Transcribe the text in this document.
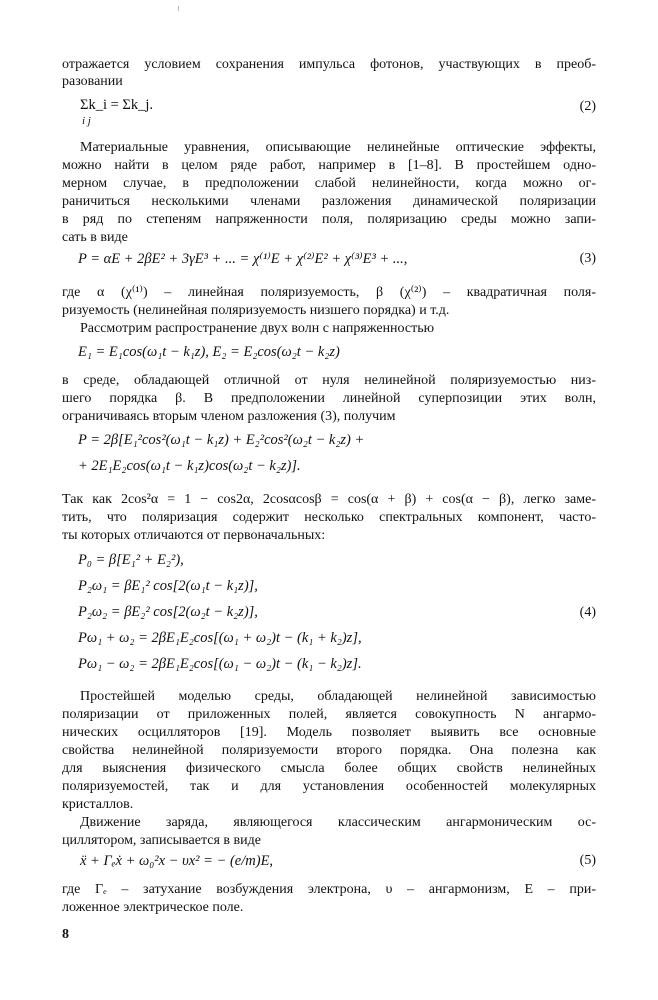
отражается условием сохранения импульса фотонов, участвующих в преоб-
разовании
Σk_i = Σk_j.
i j
(2)
Материальные уравнения, описывающие нелинейные оптические эффекты,
можно найти в целом ряде работ, например в [1–8]. В простейшем одно-
мерном случае, в предположении слабой нелинейности, когда можно ог-
раничиться несколькими членами разложения динамической поляризации
в ряд по степеням напряженности поля, поляризацию среды можно запи-
сать в виде
P = αE + 2βE² + 3γE³ + ... = χ⁽¹⁾E + χ⁽²⁾E² + χ⁽³⁾E³ + ...,	(3)
где α (χ⁽¹⁾) – линейная поляризуемость, β (χ⁽²⁾) – квадратичная поля-
ризуемость (нелинейная поляризуемость низшего порядка) и т.д.
Рассмотрим распространение двух волн с напряженностью
E₁ = E₁cos(ω₁t − k₁z), E₂ = E₂cos(ω₂t − k₂z)
в среде, обладающей отличной от нуля нелинейной поляризуемостью низ-
шего порядка β. В предположении линейной суперпозиции этих волн,
ограничиваясь вторым членом разложения (3), получим
P = 2β[E₁²cos²(ω₁t − k₁z) + E₂²cos²(ω₂t − k₂z) +
+ 2E₁E₂cos(ω₁t − k₁z)cos(ω₂t − k₂z)].
Так как 2cos²α = 1 − cos2α, 2cosαcosβ = cos(α + β) + cos(α − β), легко заме-
тить, что поляризация содержит несколько спектральных компонент, часто-
ты которых отличаются от первоначальных:
P₀ = β[E₁² + E₂²),
P₂ω₁ = βE₁² cos[2(ω₁t − k₁z)],
P₂ω₂ = βE₂² cos[2(ω₂t − k₂z)],
Pω₁ + ω₂ = 2βE₁E₂cos[(ω₁ + ω₂)t − (k₁ + k₂)z],
Pω₁ − ω₂ = 2βE₁E₂cos[(ω₁ − ω₂)t − (k₁ − k₂)z].
(4)
Простейшей моделью среды, обладающей нелинейной зависимостью
поляризации от приложенных полей, является совокупность N ангармо-
нических осцилляторов [19]. Модель позволяет выявить все основные
свойства нелинейной поляризуемости второго порядка. Она полезна как
для выяснения физического смысла более общих свойств нелинейных
поляризуемостей, так и для установления особенностей молекулярных
кристаллов.
Движение заряда, являющегося классическим ангармоническим ос-
циллятором, записывается в виде
ẍ + Γₑẋ + ω₀²x − υx² = − (e/m)E,	(5)
где Γₑ – затухание возбуждения электрона, υ – ангармонизм, E – при-
ложенное электрическое поле.
8
